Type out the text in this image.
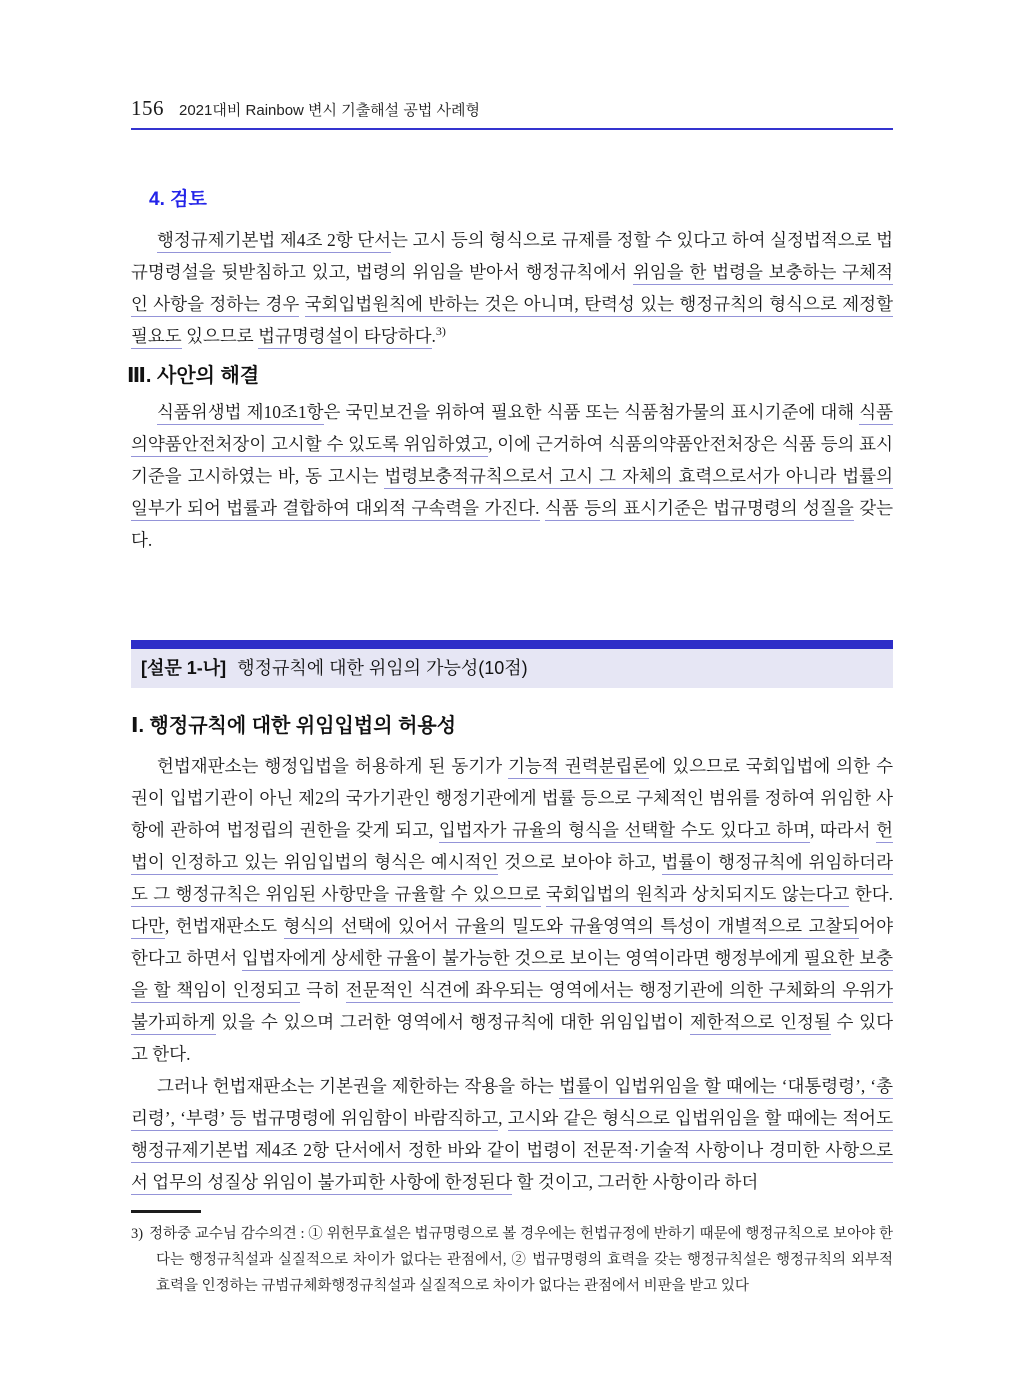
156 2021대비 Rainbow 변시 기출해설 공법 사례형
4. 검토

행정규제기본법 제4조 2항 단서는 고시 등의 형식으로 규제를 정할 수 있다고 하여 실정법적으로 법규명령설을 뒷받침하고 있고, 법령의 위임을 받아서 행정규칙에서 위임을 한 법령을 보충하는 구체적인 사항을 정하는 경우 국회입법원칙에 반하는 것은 아니며, 탄력성 있는 행정규칙의 형식으로 제정할 필요도 있으므로 법규명령설이 타당하다.$^{3)}$

Ⅲ. 사안의 해결

식품위생법 제10조1항은 국민보건을 위하여 필요한 식품 또는 식품첨가물의 표시기준에 대해 식품의약품안전처장이 고시할 수 있도록 위임하였고, 이에 근거하여 식품의약품안전처장은 식품 등의 표시기준을 고시하였는 바, 동 고시는 법령보충적규칙으로서 고시 그 자체의 효력으로서가 아니라 법률의 일부가 되어 법률과 결합하여 대외적 구속력을 가진다. 식품 등의 표시기준은 법규명령의 성질을 갖는다.

[설문 1-나] 행정규칙에 대한 위임의 가능성(10점)
Ⅰ. 행정규칙에 대한 위임입법의 허용성

헌법재판소는 행정입법을 허용하게 된 동기가 기능적 권력분립론에 있으므로 국회입법에 의한 수권이 입법기관이 아닌 제2의 국가기관인 행정기관에게 법률 등으로 구체적인 범위를 정하여 위임한 사항에 관하여 법정립의 권한을 갖게 되고, 입법자가 규율의 형식을 선택할 수도 있다고 하며, 따라서 헌법이 인정하고 있는 위임입법의 형식은 예시적인 것으로 보아야 하고, 법률이 행정규칙에 위임하더라도 그 행정규칙은 위임된 사항만을 규율할 수 있으므로 국회입법의 원칙과 상치되지도 않는다고 한다. 다만, 헌법재판소도 형식의 선택에 있어서 규율의 밀도와 규율영역의 특성이 개별적으로 고찰되어야 한다고 하면서 입법자에게 상세한 규율이 불가능한 것으로 보이는 영역이라면 행정부에게 필요한 보충을 할 책임이 인정되고 극히 전문적인 식견에 좌우되는 영역에서는 행정기관에 의한 구체화의 우위가 불가피하게 있을 수 있으며 그러한 영역에서 행정규칙에 대한 위임입법이 제한적으로 인정될 수 있다고 한다.

그러나 헌법재판소는 기본권을 제한하는 작용을 하는 법률이 입법위임을 할 때에는 ‘대통령령’, ‘총리령’, ‘부령’ 등 법규명령에 위임함이 바람직하고, 고시와 같은 형식으로 입법위임을 할 때에는 적어도 행정규제기본법 제4조 2항 단서에서 정한 바와 같이 법령이 전문적·기술적 사항이나 경미한 사항으로서 업무의 성질상 위임이 불가피한 사항에 한정된다 할 것이고, 그러한 사항이라 하더

3) 정하중 교수님 감수의견 : ① 위헌무효설은 법규명령으로 볼 경우에는 헌법규정에 반하기 때문에 행정규칙으로 보아야 한다는 행정규칙설과 실질적으로 차이가 없다는 관점에서, ② 법규명령의 효력을 갖는 행정규칙설은 행정규칙의 외부적 효력을 인정하는 규범규체화행정규칙설과 실질적으로 차이가 없다는 관점에서 비판을 받고 있다
